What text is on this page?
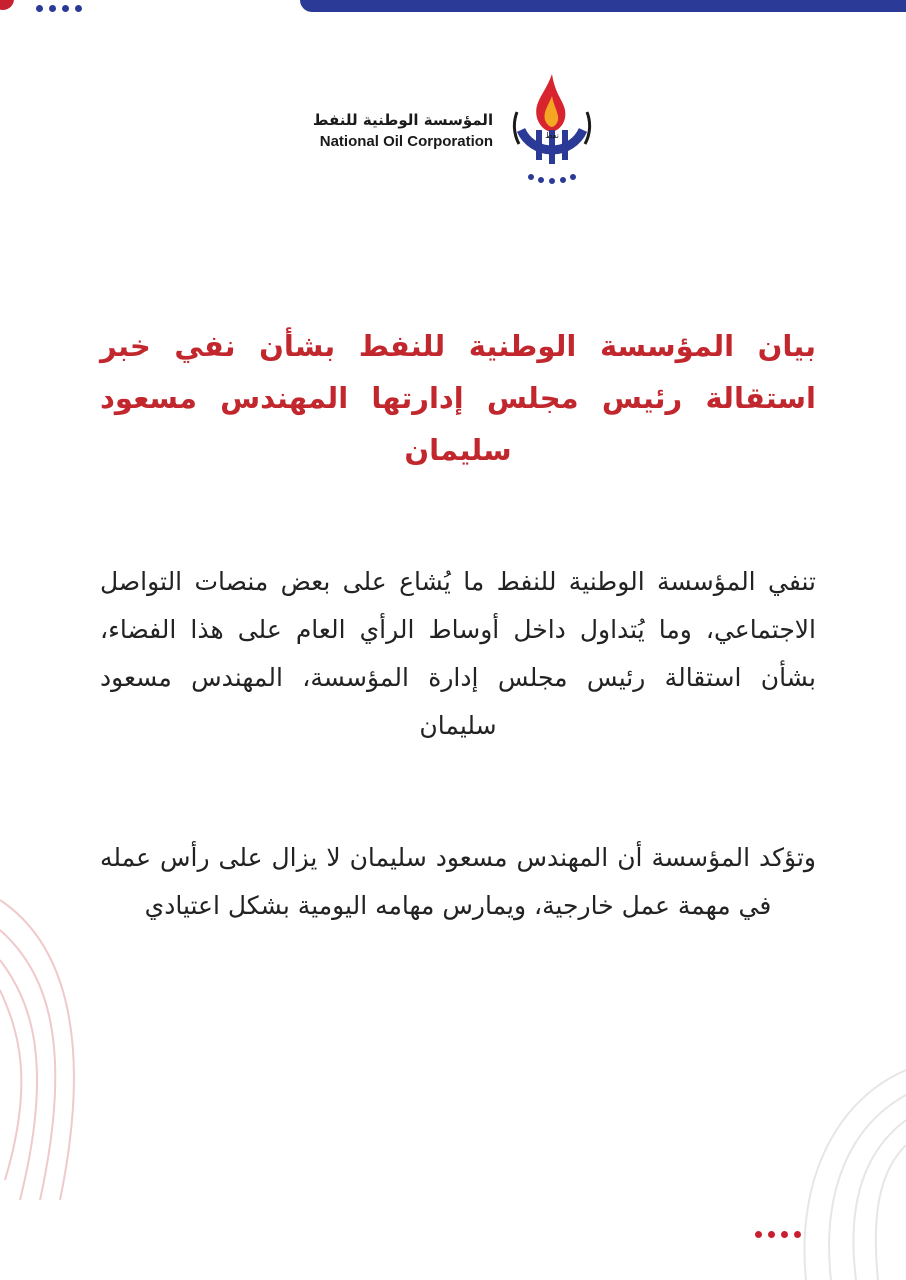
المؤسسة الوطنية للنفط
National Oil Corporation	نفط
بيان المؤسسة الوطنية للنفط بشأن نفي خبر استقالة رئيس مجلس إدارتها المهندس مسعود سليمان

تنفي المؤسسة الوطنية للنفط ما يُشاع على بعض منصات التواصل الاجتماعي، وما يُتداول داخل أوساط الرأي العام على هذا الفضاء، بشأن استقالة رئيس مجلس إدارة المؤسسة، المهندس مسعود سليمان

وتؤكد المؤسسة أن المهندس مسعود سليمان لا يزال على رأس عمله في مهمة عمل خارجية، ويمارس مهامه اليومية بشكل اعتيادي
